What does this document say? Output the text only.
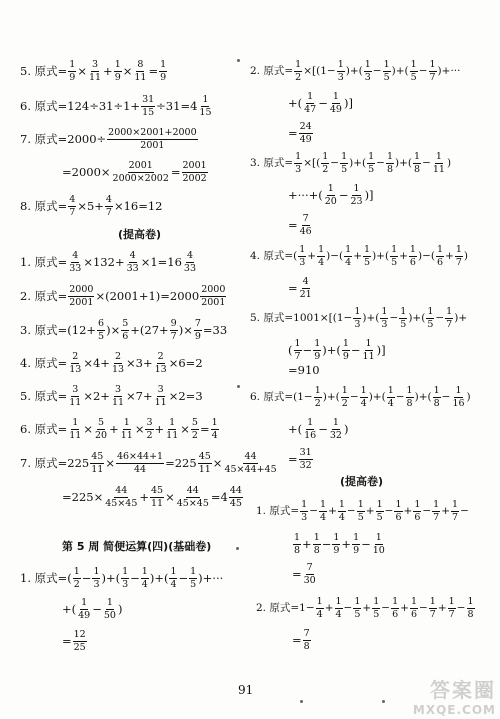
5. 原式= $\frac{1}{9} \times \frac{3}{11} + \frac{1}{9} \times \frac{8}{11} = \frac{1}{9}$
6. 原式$=124\div 31\div 1+ \frac{31}{15} \div 31=4 \frac{1}{15}$
7. 原式$=2000\div \frac{2000\times 2001+2000}{2001}$
$=2000\times \frac{2001}{2000\times 2002} = \frac{2001}{2002}$
8. 原式= $\frac{4}{7} \times 5+ \frac{4}{7} \times 16=12$
(提高卷)
1. 原式= $\frac{4}{33} \times 132+ \frac{4}{33} \times 1=16 \frac{4}{33}$
2. 原式= $\frac{2000}{2001} \times(2001+1)=2000 \frac{2000}{2001}$
3. 原式$=(12+ \frac{6}{5}$ )× $\frac{5}{6} +(27+ \frac{9}{7}$ )× $\frac{7}{9} =33$
4. 原式= $\frac{2}{13} \times 4+ \frac{2}{13} \times 3+ \frac{2}{13} \times 6=2$
5. 原式= $\frac{3}{11} \times 2+ \frac{3}{11} \times 7+ \frac{3}{11} \times 2=3$
6. 原式= $\frac{1}{11} \times \frac{5}{20} + \frac{1}{11} \times \frac{3}{2} + \frac{1}{11} \times \frac{5}{2} = \frac{1}{4}$
7. 原式$=225 \frac{45}{11} \times \frac{46\times 44+1}{44} =225 \frac{45}{11} \times \frac{44}{45\times 44+45}$
$=225\times \frac{44}{45\times 45} + \frac{45}{11} \times \frac{44}{45\times 45} =4 \frac{44}{45}$
第 5 周 简便运算(四)(基础卷)
1. 原式=( $\frac{1}{2} - \frac{1}{3}$ )+( $\frac{1}{3} - \frac{1}{4}$ )+( $\frac{1}{4} - \frac{1}{5}$ )+···
+( $\frac{1}{49} - \frac{1}{50}$ )
= $\frac{12}{25}$
2. 原式= $\frac{1}{2} \times[(1- \frac{1}{3}$ )+( $\frac{1}{3} - \frac{1}{5}$ )+( $\frac{1}{5} - \frac{1}{7}$ )+···
+( $\frac{1}{47} - \frac{1}{49}$ )]
= $\frac{24}{49}$
3. 原式= $\frac{1}{3}$ ×[( $\frac{1}{2} - \frac{1}{5}$ )+( $\frac{1}{5} - \frac{1}{8}$ )+( $\frac{1}{8} - \frac{1}{11}$ )
+···+( $\frac{1}{20} - \frac{1}{23}$ )]
= $\frac{7}{46}$
4. 原式=( $\frac{1}{3} + \frac{1}{4}$ )−( $\frac{1}{4} + \frac{1}{5}$ )+( $\frac{1}{5} + \frac{1}{6}$ )−( $\frac{1}{6} + \frac{1}{7}$ )
= $\frac{4}{21}$
5. 原式$=1001\times[(1- \frac{1}{3}$ )+( $\frac{1}{3} - \frac{1}{5}$ )+( $\frac{1}{5} - \frac{1}{7}$ )+
( $\frac{1}{7} - \frac{1}{9}$ )+( $\frac{1}{9} - \frac{1}{11}$ )]
=910
6. 原式$=(1- \frac{1}{2}$ )+( $\frac{1}{2} - \frac{1}{4}$ )+( $\frac{1}{4} - \frac{1}{8}$ )+( $\frac{1}{8} - \frac{1}{16}$ )
+( $\frac{1}{16} - \frac{1}{32}$ )
= $\frac{31}{32}$
(提高卷)
1. 原式= $\frac{1}{3} - \frac{1}{4} + \frac{1}{4} - \frac{1}{5} + \frac{1}{5} - \frac{1}{6} + \frac{1}{6} - \frac{1}{7} + \frac{1}{7}$ −
$\frac{1}{8} + \frac{1}{8} - \frac{1}{9} + \frac{1}{9} - \frac{1}{10}$
= $\frac{7}{30}$
2. 原式$=1- \frac{1}{4} + \frac{1}{4} - \frac{1}{5} + \frac{1}{5} - \frac{1}{6} + \frac{1}{6} - \frac{1}{7} + \frac{1}{7} - \frac{1}{8}$
= $\frac{7}{8}$
91	答案圈
MXQE.COM
